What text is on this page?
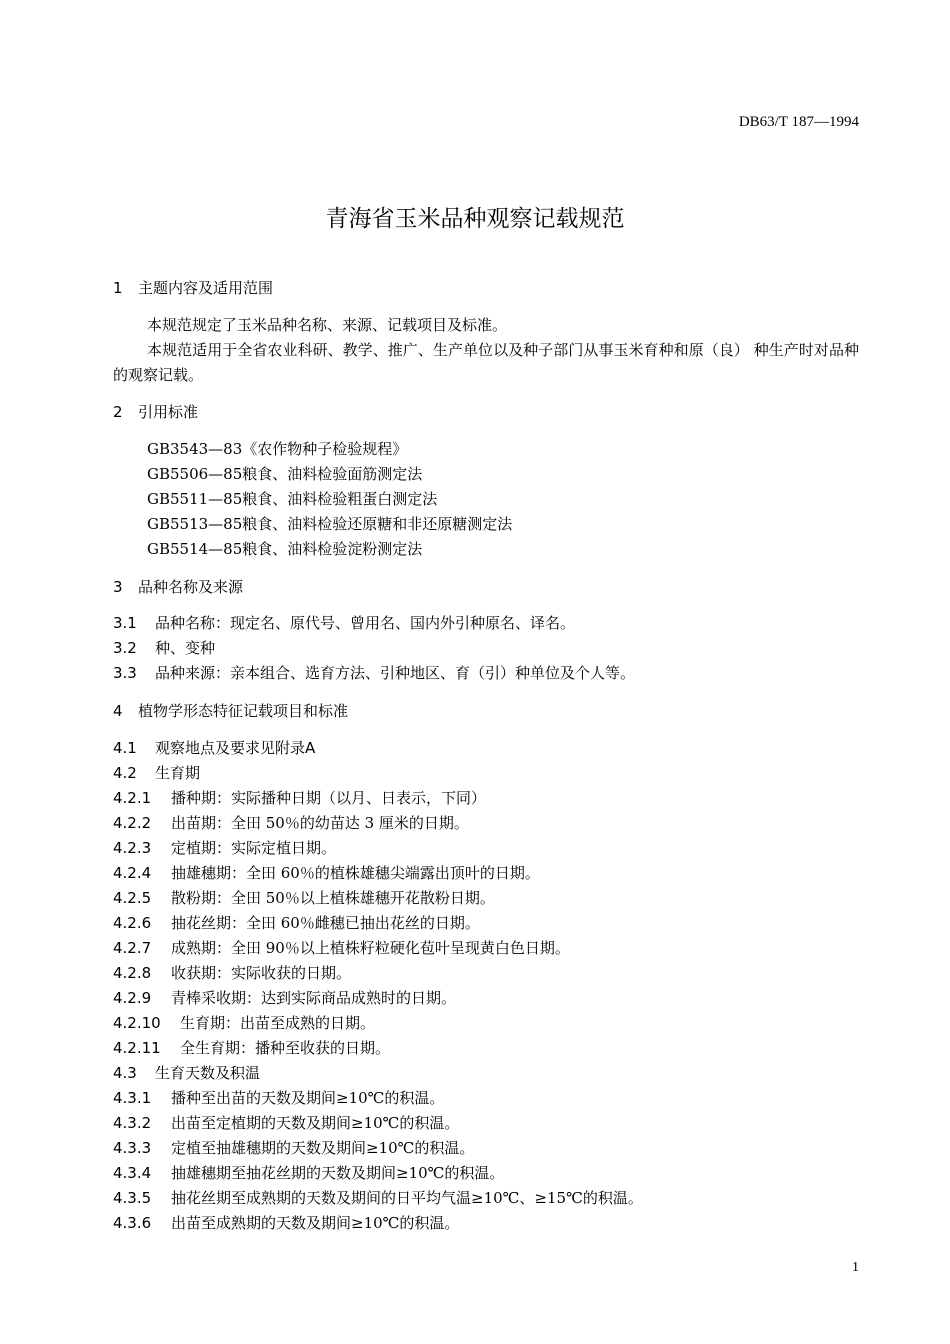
DB63/T 187—1994
青海省玉米品种观察记载规范
1 主题内容及适用范围
本规范规定了玉米品种名称、来源、记载项目及标准。
本规范适用于全省农业科研、教学、推广、生产单位以及种子部门从事玉米育种和原（良） 种生产时对品种的观察记载。
2 引用标准
GB3543—83《农作物种子检验规程》
GB5506—85粮食、油料检验面筋测定法
GB5511—85粮食、油料检验粗蛋白测定法
GB5513—85粮食、油料检验还原糖和非还原糖测定法
GB5514—85粮食、油料检验淀粉测定法
3 品种名称及来源
3.1 品种名称：现定名、原代号、曾用名、国内外引种原名、译名。
3.2 种、变种
3.3 品种来源：亲本组合、选育方法、引种地区、育（引）种单位及个人等。
4 植物学形态特征记载项目和标准
4.1 观察地点及要求见附录A
4.2 生育期
4.2.1 播种期：实际播种日期（以月、日表示，下同）
4.2.2 出苗期：全田 50％的幼苗达 3 厘米的日期。
4.2.3 定植期：实际定植日期。
4.2.4 抽雄穗期：全田 60％的植株雄穗尖端露出顶叶的日期。
4.2.5 散粉期：全田 50％以上植株雄穗开花散粉日期。
4.2.6 抽花丝期：全田 60％雌穗已抽出花丝的日期。
4.2.7 成熟期：全田 90％以上植株籽粒硬化苞叶呈现黄白色日期。
4.2.8 收获期：实际收获的日期。
4.2.9 青棒采收期：达到实际商品成熟时的日期。
4.2.10 生育期：出苗至成熟的日期。
4.2.11 全生育期：播种至收获的日期。
4.3 生育天数及积温
4.3.1 播种至出苗的天数及期间≥10℃的积温。
4.3.2 出苗至定植期的天数及期间≥10℃的积温。
4.3.3 定植至抽雄穗期的天数及期间≥10℃的积温。
4.3.4 抽雄穗期至抽花丝期的天数及期间≥10℃的积温。
4.3.5 抽花丝期至成熟期的天数及期间的日平均气温≥10℃、≥15℃的积温。
4.3.6 出苗至成熟期的天数及期间≥10℃的积温。
1
